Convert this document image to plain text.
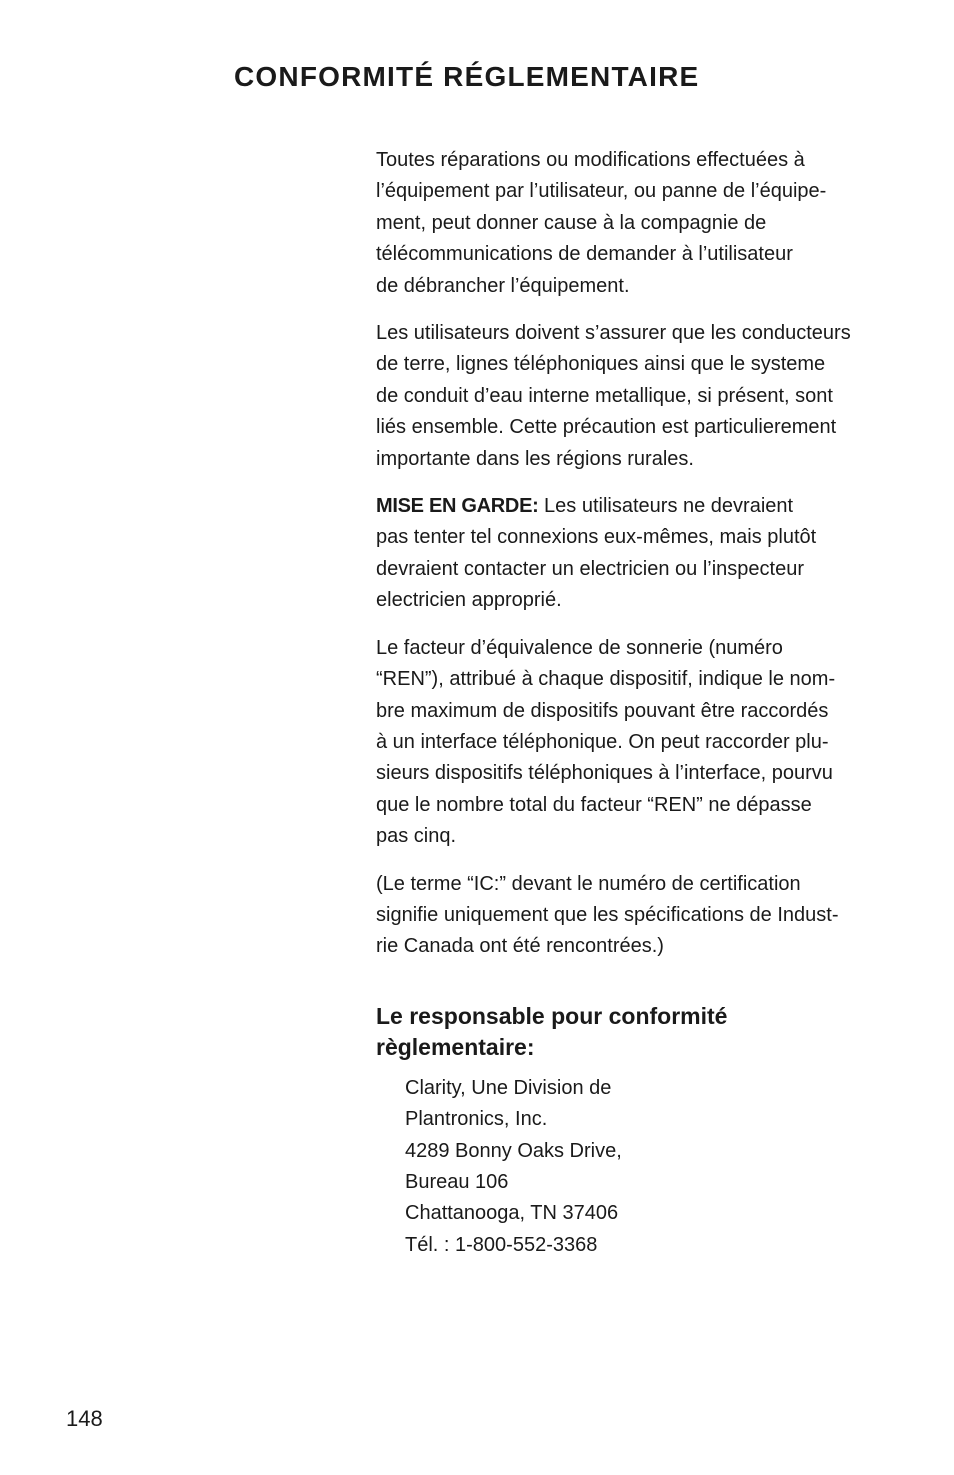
CONFORMITÉ RÉGLEMENTAIRE

Toutes réparations ou modifications effectuées à
l’équipement par l’utilisateur, ou panne de l’équipe-
ment, peut donner cause à la compagnie de
télécommunications de demander à l’utilisateur
de débrancher l’équipement.

Les utilisateurs doivent s’assurer que les conducteurs
de terre, lignes téléphoniques ainsi que le systeme
de conduit d’eau interne metallique, si présent, sont
liés ensemble. Cette précaution est particulierement
importante dans les régions rurales.

MISE EN GARDE: Les utilisateurs ne devraient
pas tenter tel connexions eux-mêmes, mais plutôt
devraient contacter un electricien ou l’inspecteur
electricien approprié.

Le facteur d’équivalence de sonnerie (numéro
“REN”), attribué à chaque dispositif, indique le nom-
bre maximum de dispositifs pouvant être raccordés
à un interface téléphonique. On peut raccorder plu-
sieurs dispositifs téléphoniques à l’interface, pourvu
que le nombre total du facteur “REN” ne dépasse
pas cinq.

(Le terme “IC:” devant le numéro de certification
signifie uniquement que les spécifications de Indust-
rie Canada ont été rencontrées.)

Le responsable pour conformité
règlementaire:
Clarity, Une Division de
Plantronics, Inc.
4289 Bonny Oaks Drive,
Bureau 106
Chattanooga, TN 37406
Tél. : 1-800-552-3368
148
